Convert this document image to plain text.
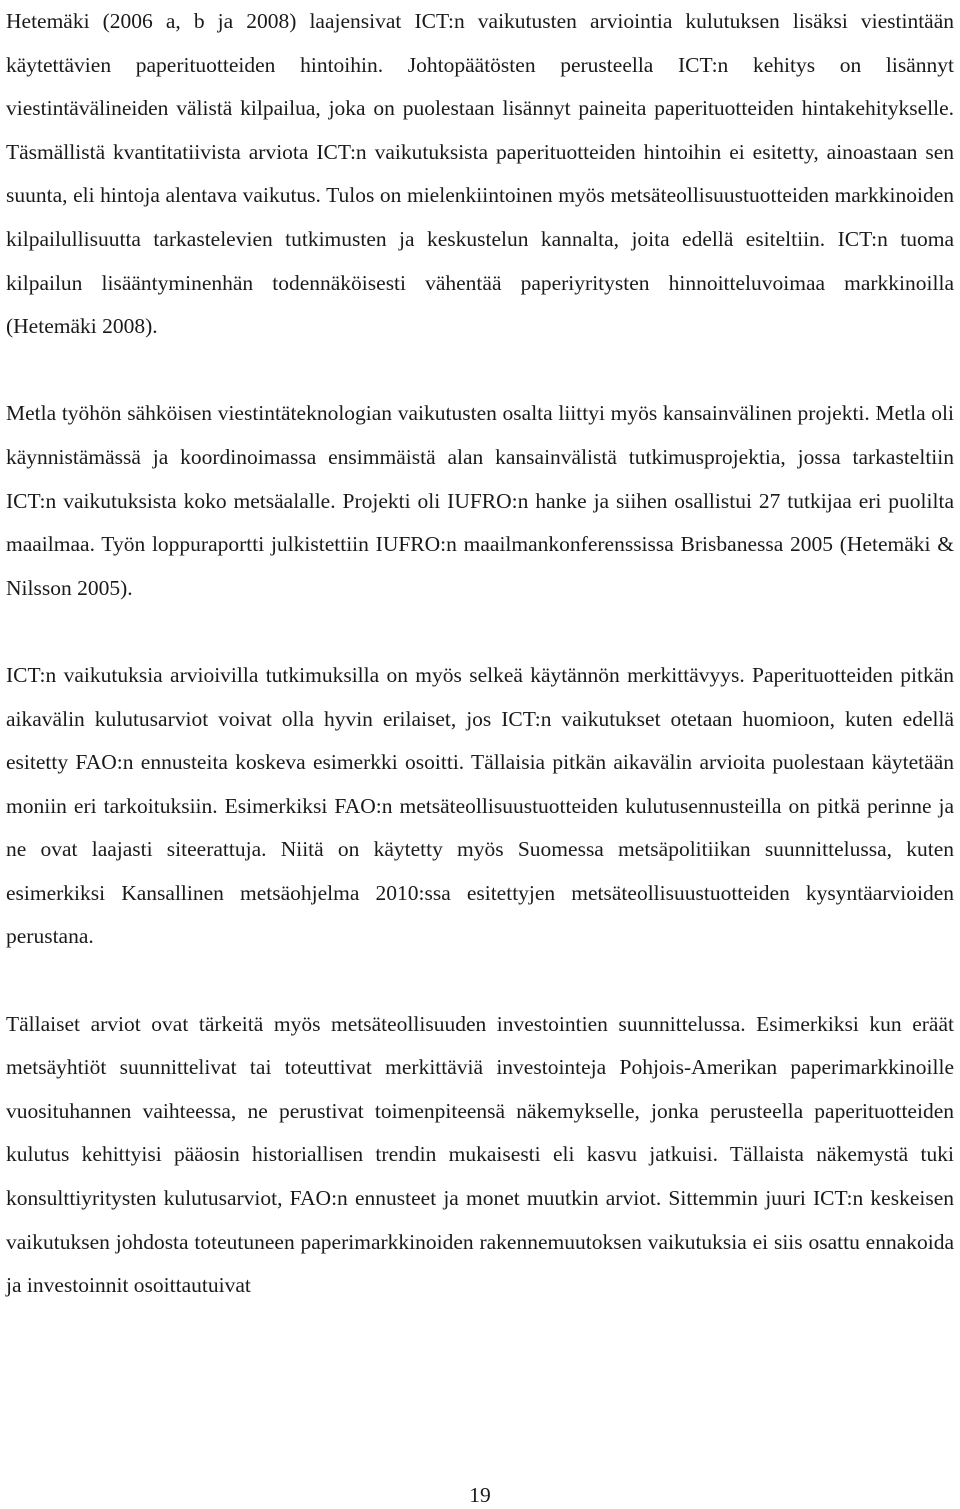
Hetemäki (2006 a, b ja 2008) laajensivat ICT:n vaikutusten arviointia kulutuksen lisäksi viestintään käytettävien paperituotteiden hintoihin. Johtopäätösten perusteella ICT:n kehitys on lisännyt viestintävälineiden välistä kilpailua, joka on puolestaan lisännyt paineita paperituotteiden hintakehitykselle. Täsmällistä kvantitatiivista arviota ICT:n vaikutuksista paperituotteiden hintoihin ei esitetty, ainoastaan sen suunta, eli hintoja alentava vaikutus. Tulos on mielenkiintoinen myös metsäteollisuustuotteiden markkinoiden kilpailullisuutta tarkastelevien tutkimusten ja keskustelun kannalta, joita edellä esiteltiin. ICT:n tuoma kilpailun lisääntyminenhän todennäköisesti vähentää paperiyritysten hinnoitteluvoimaa markkinoilla (Hetemäki 2008).

Metla työhön sähköisen viestintäteknologian vaikutusten osalta liittyi myös kansainvälinen projekti. Metla oli käynnistämässä ja koordinoimassa ensimmäistä alan kansainvälistä tutkimusprojektia, jossa tarkasteltiin ICT:n vaikutuksista koko metsäalalle. Projekti oli IUFRO:n hanke ja siihen osallistui 27 tutkijaa eri puolilta maailmaa. Työn loppuraportti julkistettiin IUFRO:n maailmankonferenssissa Brisbanessa 2005 (Hetemäki & Nilsson 2005).

ICT:n vaikutuksia arvioivilla tutkimuksilla on myös selkeä käytännön merkittävyys. Paperituotteiden pitkän aikavälin kulutusarviot voivat olla hyvin erilaiset, jos ICT:n vaikutukset otetaan huomioon, kuten edellä esitetty FAO:n ennusteita koskeva esimerkki osoitti. Tällaisia pitkän aikavälin arvioita puolestaan käytetään moniin eri tarkoituksiin. Esimerkiksi FAO:n metsäteollisuustuotteiden kulutusennusteilla on pitkä perinne ja ne ovat laajasti siteerattuja. Niitä on käytetty myös Suomessa metsäpolitiikan suunnittelussa, kuten esimerkiksi Kansallinen metsäohjelma 2010:ssa esitettyjen metsäteollisuustuotteiden kysyntäarvioiden perustana.

Tällaiset arviot ovat tärkeitä myös metsäteollisuuden investointien suunnittelussa. Esimerkiksi kun eräät metsäyhtiöt suunnittelivat tai toteuttivat merkittäviä investointeja Pohjois-Amerikan paperimarkkinoille vuosituhannen vaihteessa, ne perustivat toimenpiteensä näkemykselle, jonka perusteella paperituotteiden kulutus kehittyisi pääosin historiallisen trendin mukaisesti eli kasvu jatkuisi. Tällaista näkemystä tuki konsulttiyritysten kulutusarviot, FAO:n ennusteet ja monet muutkin arviot. Sittemmin juuri ICT:n keskeisen vaikutuksen johdosta toteutuneen paperimarkkinoiden rakennemuutoksen vaikutuksia ei siis osattu ennakoida ja investoinnit osoittautuivat

19
